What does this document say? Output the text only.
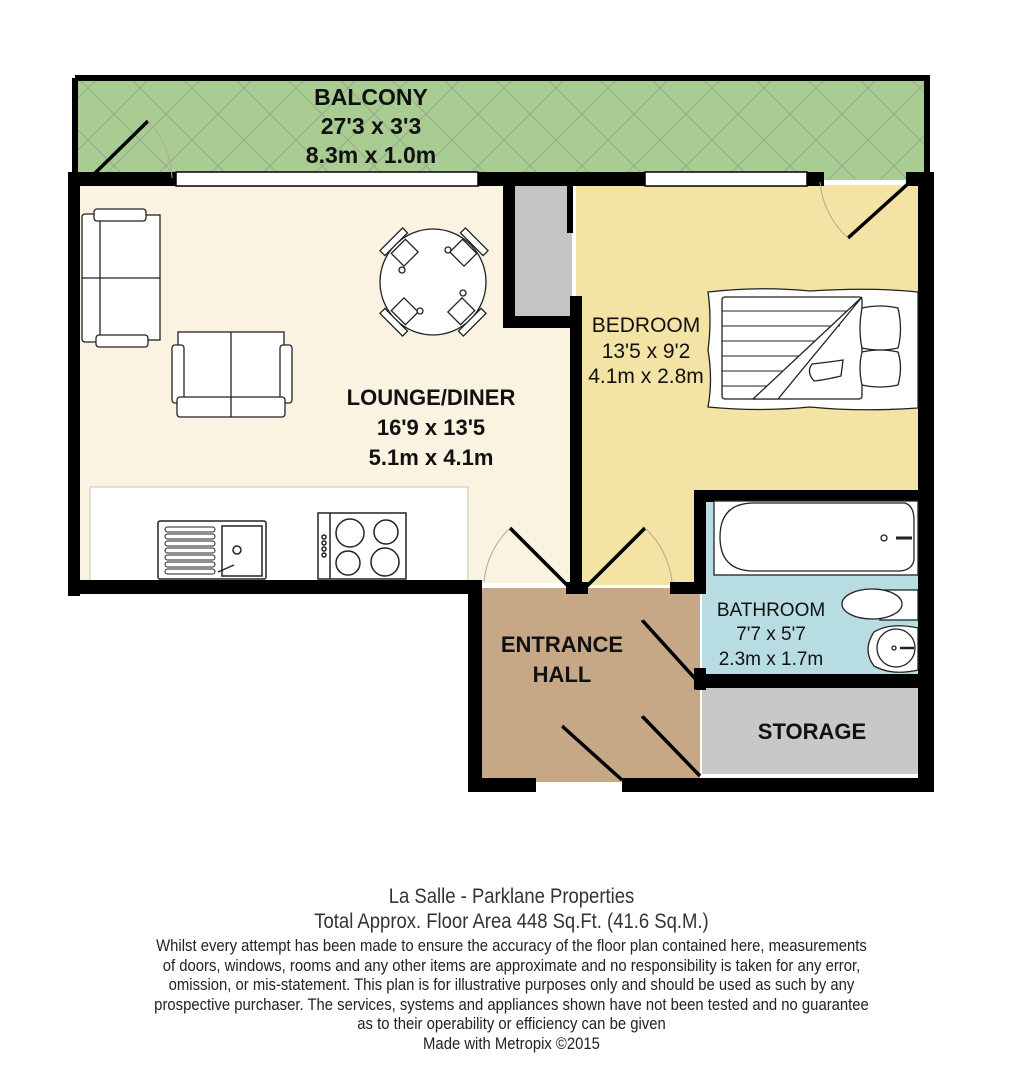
BALCONY
27'3 x 3'3
8.3m x 1.0m
LOUNGE/DINER
16'9 x 13'5
5.1m x 4.1m
BEDROOM
13'5 x 9'2
4.1m x 2.8m
BATHROOM
7'7 x 5'7
2.3m x 1.7m
ENTRANCE
HALL
STORAGE
La Salle - Parklane Properties
Total Approx. Floor Area 448 Sq.Ft. (41.6 Sq.M.)
Whilst every attempt has been made to ensure the accuracy of the floor plan contained here, measurements
of doors, windows, rooms and any other items are approximate and no responsibility is taken for any error,
omission, or mis-statement. This plan is for illustrative purposes only and should be used as such by any
prospective purchaser. The services, systems and appliances shown have not been tested and no guarantee
as to their operability or efficiency can be given
Made with Metropix ©2015
